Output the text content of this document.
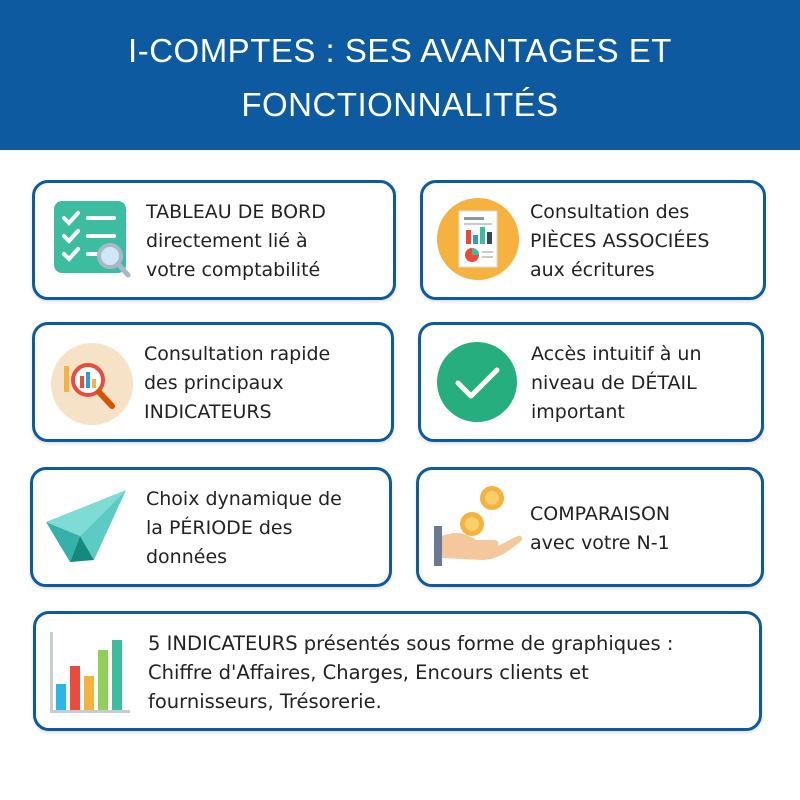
I-COMPTES : SES AVANTAGES ET
FONCTIONNALITÉS
TABLEAU DE BORD
directement lié à
votre comptabilité
Consultation des
PIÈCES ASSOCIÉES
aux écritures
Consultation rapide
des principaux
INDICATEURS
Accès intuitif à un
niveau de DÉTAIL
important
Choix dynamique de
la PÉRIODE des
données
COMPARAISON
avec votre N-1
5 INDICATEURS présentés sous forme de graphiques :
Chiffre d'Affaires, Charges, Encours clients et
fournisseurs, Trésorerie.
